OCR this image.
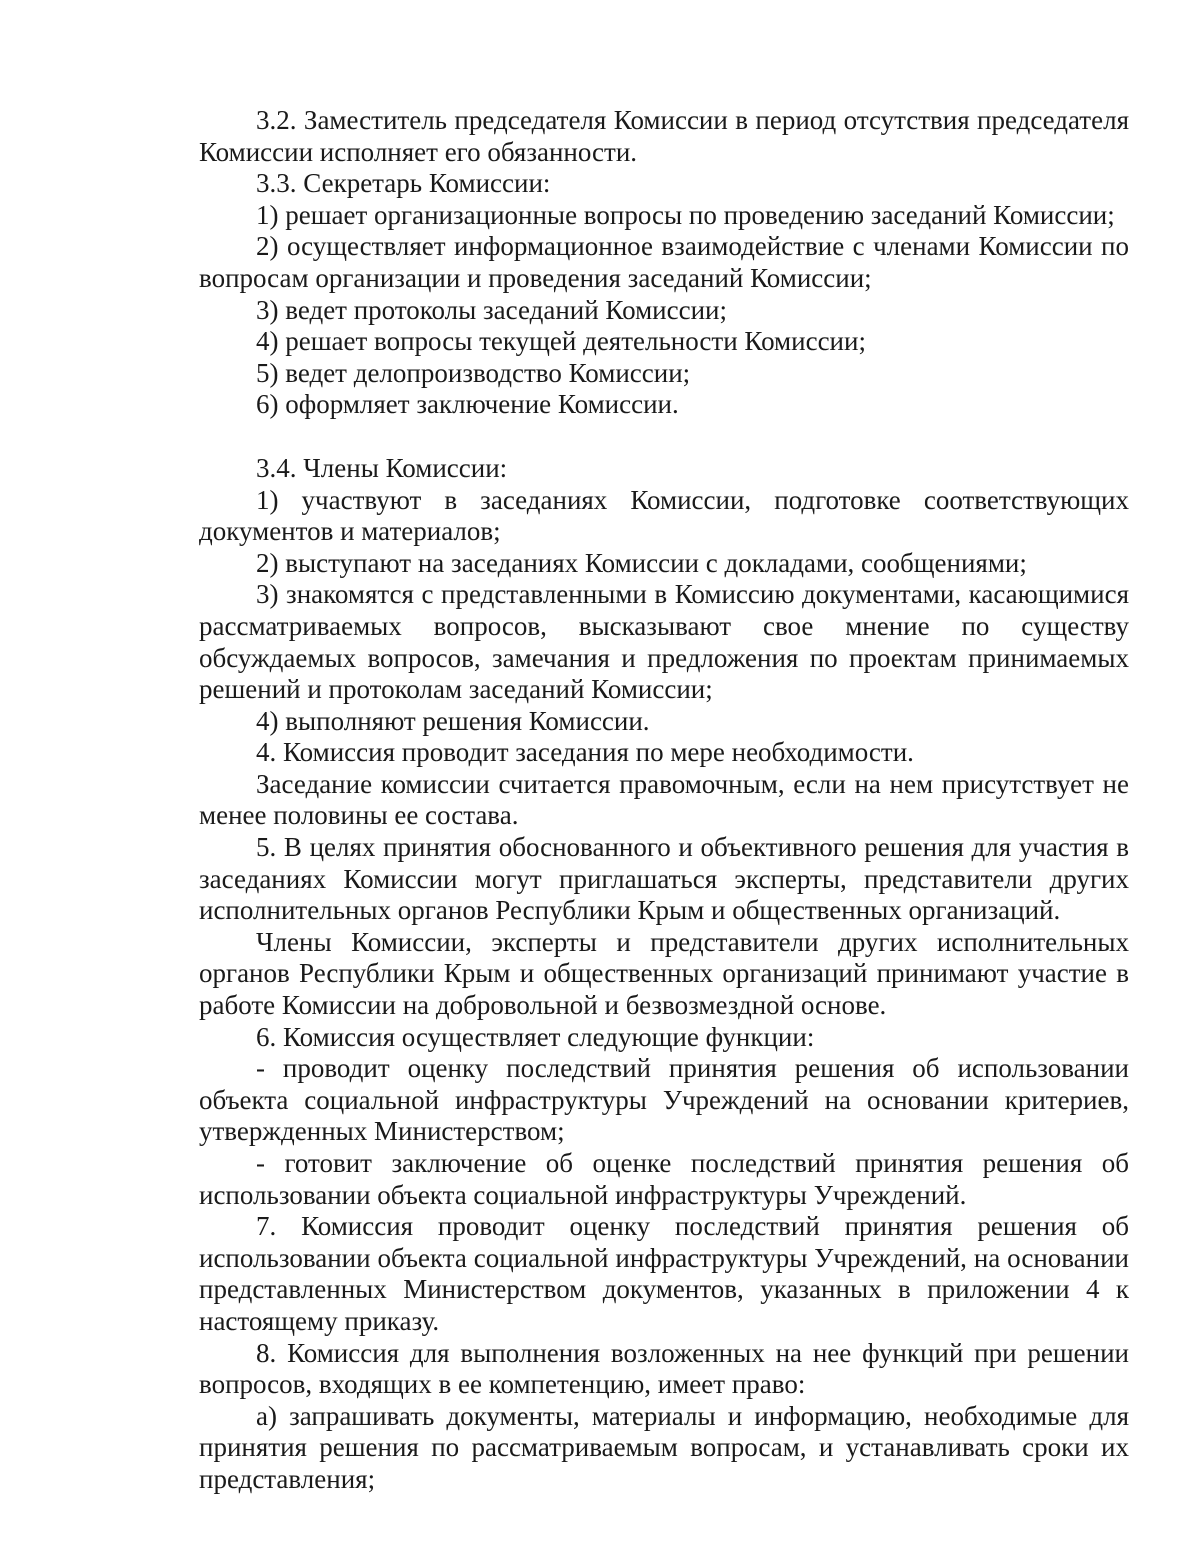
3.2. Заместитель председателя Комиссии в период отсутствия председателя Комиссии исполняет его обязанности.

3.3. Секретарь Комиссии:

1) решает организационные вопросы по проведению заседаний Комиссии;

2) осуществляет информационное взаимодействие с членами Комиссии по вопросам организации и проведения заседаний Комиссии;

3) ведет протоколы заседаний Комиссии;

4) решает вопросы текущей деятельности Комиссии;

5) ведет делопроизводство Комиссии;

6) оформляет заключение Комиссии.

3.4. Члены Комиссии:

1) участвуют в заседаниях Комиссии, подготовке соответствующих документов и материалов;

2) выступают на заседаниях Комиссии с докладами, сообщениями;

3) знакомятся с представленными в Комиссию документами, касающимися рассматриваемых вопросов, высказывают свое мнение по существу обсуждаемых вопросов, замечания и предложения по проектам принимаемых решений и протоколам заседаний Комиссии;

4) выполняют решения Комиссии.

4. Комиссия проводит заседания по мере необходимости.

Заседание комиссии считается правомочным, если на нем присутствует не менее половины ее состава.

5. В целях принятия обоснованного и объективного решения для участия в заседаниях Комиссии могут приглашаться эксперты, представители других исполнительных органов Республики Крым и общественных организаций.

Члены Комиссии, эксперты и представители других исполнительных органов Республики Крым и общественных организаций принимают участие в работе Комиссии на добровольной и безвозмездной основе.

6. Комиссия осуществляет следующие функции:

- проводит оценку последствий принятия решения об использовании объекта социальной инфраструктуры Учреждений на основании критериев, утвержденных Министерством;

- готовит заключение об оценке последствий принятия решения об использовании объекта социальной инфраструктуры Учреждений.

7. Комиссия проводит оценку последствий принятия решения об использовании объекта социальной инфраструктуры Учреждений, на основании представленных Министерством документов, указанных в приложении 4 к настоящему приказу.

8. Комиссия для выполнения возложенных на нее функций при решении вопросов, входящих в ее компетенцию, имеет право:

а) запрашивать документы, материалы и информацию, необходимые для принятия решения по рассматриваемым вопросам, и устанавливать сроки их представления;
